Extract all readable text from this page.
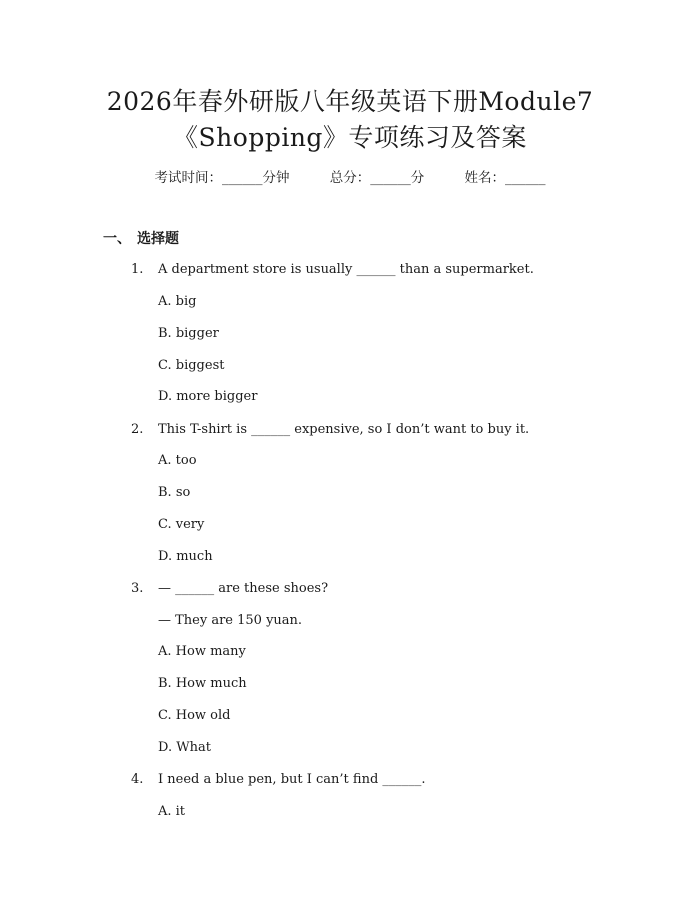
2026年春外研版八年级英语下册Module7
《Shopping》专项练习及答案
考试时间：______分钟	总分：______分	姓名：______
一、 选择题
1. A department store is usually ______ than a supermarket.
A. big
B. bigger
C. biggest
D. more bigger
2. This T-shirt is ______ expensive, so I don’t want to buy it.
A. too
B. so
C. very
D. much
3. — ______ are these shoes?
— They are 150 yuan.
A. How many
B. How much
C. How old
D. What
4. I need a blue pen, but I can’t find ______.
A. it
